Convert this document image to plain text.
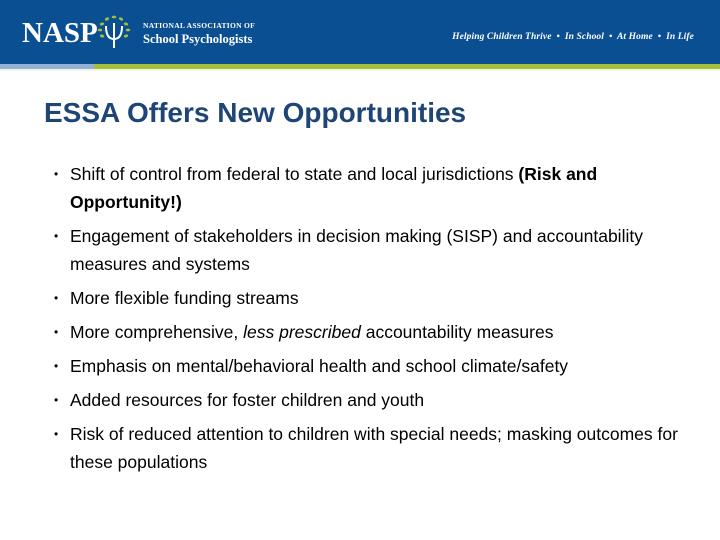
NASP	NATIONAL ASSOCIATION OF
School Psychologists	Helping Children Thrive  •  In School  •  At Home  •  In Life
ESSA Offers New Opportunities
• Shift of control from federal to state and local jurisdictions (Risk and Opportunity!)
• Engagement of stakeholders in decision making (SISP) and accountability measures and systems
• More flexible funding streams
• More comprehensive, less prescribed accountability measures
• Emphasis on mental/behavioral health and school climate/safety
• Added resources for foster children and youth
• Risk of reduced attention to children with special needs; masking outcomes for these populations
